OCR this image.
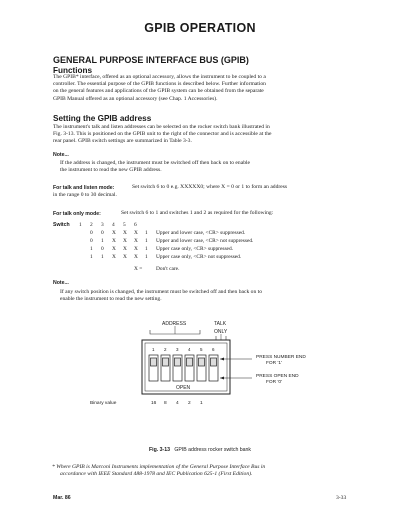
GPIB OPERATION
GENERAL PURPOSE INTERFACE BUS (GPIB)
Functions
The GPIB* interface, offered as an optional accessory, allows the instrument to be coupled to a
controller. The essential purpose of the GPIB functions is described below. Further information
on the general features and applications of the GPIB system can be obtained from the separate
GPIB Manual offered as an optional accessory (see Chap. 1 Accessories).
Setting the GPIB address
The instrument's talk and listen addresses can be selected on the rocker switch bank illustrated in
Fig. 3-13. This is positioned on the GPIB unit to the right of the connector and is accessible at the
rear panel. GPIB switch settings are summarized in Table 3-3.
Note...
If the address is changed, the instrument must be switched off then back on to enable
the instrument to read the new GPIB address.
For talk and listen mode:	Set switch 6 to 0 e.g. XXXXX0; where X = 0 or 1 to form an address
in the range 0 to 30 decimal.
For talk only mode:	Set switch 6 to 1 and switches 1 and 2 as required for the following:
Switch 1 2 3 4 5 6
0 0 X X X 1 Upper and lower case, <CR> suppressed.
0 1 X X X 1 Upper and lower case, <CR> not suppressed.
1 0 X X X 1 Upper case only, <CR> suppressed.
1 1 X X X 1 Upper case only, <CR> not suppressed.
X =	Don't care.
Note...
If any switch position is changed, the instrument must be switched off and then back on to
enable the instrument to read the new setting.
ADDRESS	TALK
ONLY
1 2 3 4 5 6
OPEN
PRESS NUMBER END
FOR '1'
PRESS OPEN END
FOR '0'
Binary value	16 8 4 2 1
Fig. 3-13 GPIB address rocker switch bank
* Where GPIB is Marconi Instruments implementation of the General Purpose Interface Bus in
accordance with IEEE Standard 488-1978 and IEC Publication 625-1 (First Edition).
Mar. 86	3-33
